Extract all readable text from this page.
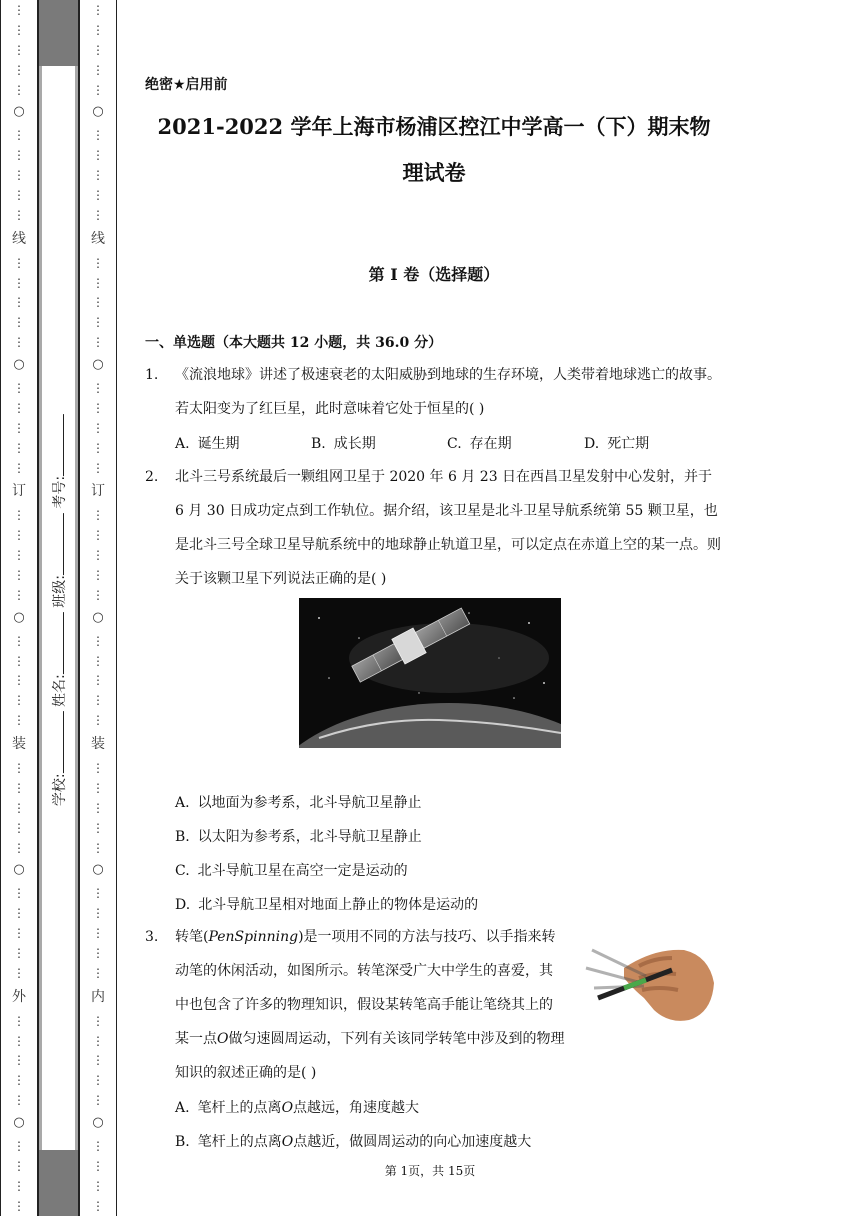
⋮
⋮
⋮
⋮
⋮
○
⋮
⋮
⋮
⋮
⋮
线
⋮
⋮
⋮
⋮
⋮
○
⋮
⋮
⋮
⋮
⋮
订
⋮
⋮
⋮
⋮
⋮
○
⋮
⋮
⋮
⋮
⋮
装
⋮
⋮
⋮
⋮
⋮
○
⋮
⋮
⋮
⋮
⋮
外
⋮
⋮
⋮
⋮
⋮
○
⋮
⋮
⋮
⋮
学校: 姓名: 班级: 考号:
⋮
⋮
⋮
⋮
⋮
○
⋮
⋮
⋮
⋮
⋮
线
⋮
⋮
⋮
⋮
⋮
○
⋮
⋮
⋮
⋮
⋮
订
⋮
⋮
⋮
⋮
⋮
○
⋮
⋮
⋮
⋮
⋮
装
⋮
⋮
⋮
⋮
⋮
○
⋮
⋮
⋮
⋮
⋮
内
⋮
⋮
⋮
⋮
⋮
○
⋮
⋮
⋮
⋮
绝密★启用前
2021-2022 学年上海市杨浦区控江中学高一（下）期末物
理试卷
第 I 卷（选择题）
一、单选题（本大题共 12 小题，共 36.0 分）
1. 《流浪地球》讲述了极速衰老的太阳威胁到地球的生存环境，人类带着地球逃亡的故事。若太阳变为了红巨星，此时意味着它处于恒星的( )
A. 诞生期	B. 成长期	C. 存在期	D. 死亡期
2. 北斗三号系统最后一颗组网卫星于 2020 年 6 月 23 日在西昌卫星发射中心发射，并于 6 月 30 日成功定点到工作轨位。据介绍，该卫星是北斗卫星导航系统第 55 颗卫星，也是北斗三号全球卫星导航系统中的地球静止轨道卫星，可以定点在赤道上空的某一点。则关于该颗卫星下列说法正确的是( )
A. 以地面为参考系，北斗导航卫星静止
B. 以太阳为参考系，北斗导航卫星静止
C. 北斗导航卫星在高空一定是运动的
D. 北斗导航卫星相对地面上静止的物体是运动的
3. 转笔(PenSpinning)是一项用不同的方法与技巧、以手指来转动笔的休闲活动，如图所示。转笔深受广大中学生的喜爱，其中也包含了许多的物理知识，假设某转笔高手能让笔绕其上的某一点O做匀速圆周运动，下列有关该同学转笔中涉及到的物理知识的叙述正确的是( )
A. 笔杆上的点离O点越远，角速度越大
B. 笔杆上的点离O点越近，做圆周运动的向心加速度越大
第 1页，共 15页
